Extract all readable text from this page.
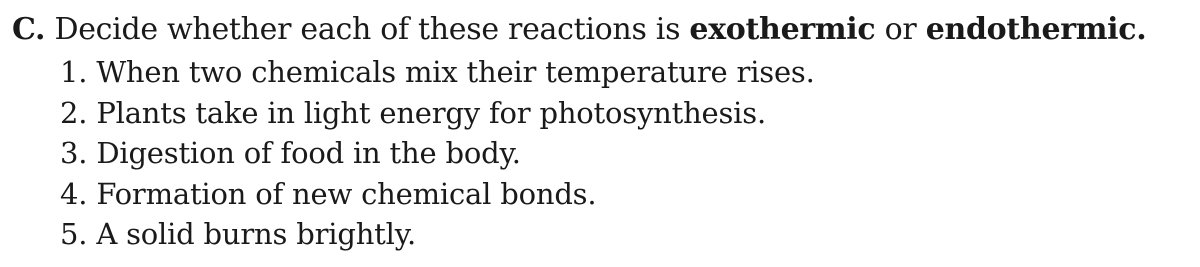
C. Decide whether each of these reactions is exothermic or endothermic.
1. When two chemicals mix their temperature rises.
2. Plants take in light energy for photosynthesis.
3. Digestion of food in the body.
4. Formation of new chemical bonds.
5. A solid burns brightly.
